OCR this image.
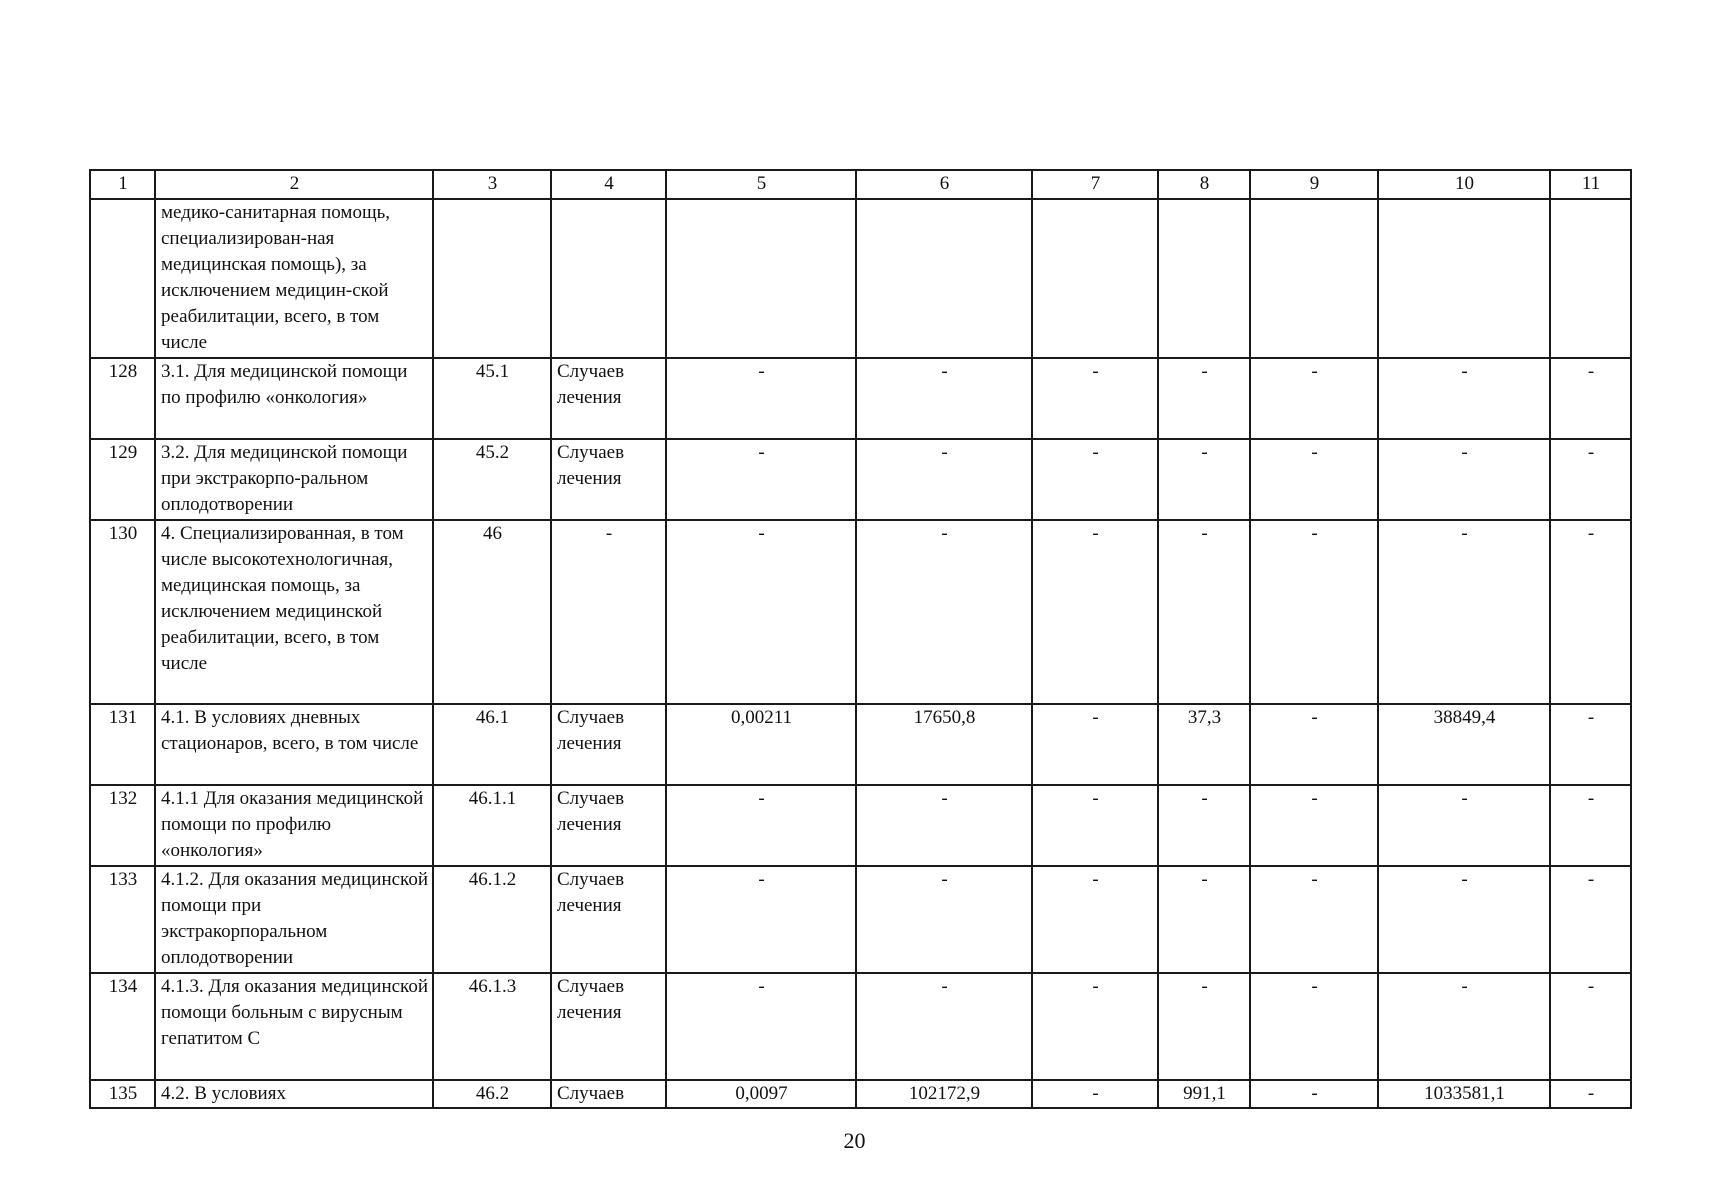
1	2	3	4	5	6	7	8	9	10	11
	медико-санитарная помощь, специализирован-ная медицинская помощь), за исключением медицин-ской реабилитации, всего, в том числе									
128	3.1. Для медицинской помощи по профилю «онкология»	45.1	Случаев лечения	-	-	-	-	-	-	-
129	3.2. Для медицинской помощи при экстракорпо-ральном оплодотворении	45.2	Случаев лечения	-	-	-	-	-	-	-
130	4. Специализированная, в том числе высокотехнологичная, медицинская помощь, за исключением медицинской реабилитации, всего, в том числе	46	-	-	-	-	-	-	-	-
131	4.1. В условиях дневных стационаров, всего, в том числе	46.1	Случаев лечения	0,00211	17650,8	-	37,3	-	38849,4	-
132	4.1.1 Для оказания медицинской помощи по профилю «онкология»	46.1.1	Случаев лечения	-	-	-	-	-	-	-
133	4.1.2. Для оказания медицинской помощи при экстракорпоральном оплодотворении	46.1.2	Случаев лечения	-	-	-	-	-	-	-
134	4.1.3. Для оказания медицинской помощи больным с вирусным гепатитом С	46.1.3	Случаев лечения	-	-	-	-	-	-	-
135	4.2. В условиях	46.2	Случаев	0,0097	102172,9	-	991,1	-	1033581,1	-
20
